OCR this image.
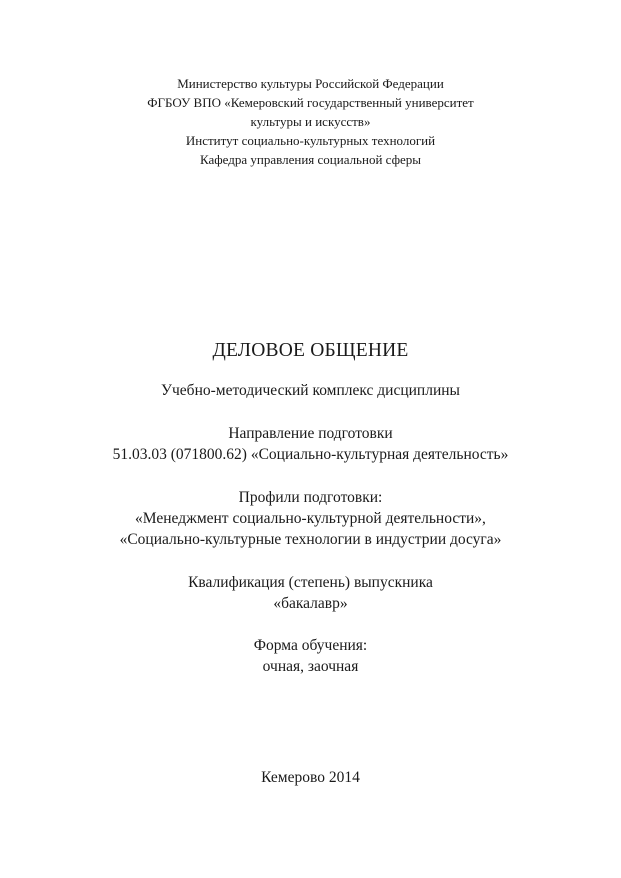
Министерство культуры Российской Федерации
ФГБОУ ВПО «Кемеровский государственный университет
культуры и искусств»
Институт социально-культурных технологий
Кафедра управления социальной сферы
ДЕЛОВОЕ ОБЩЕНИЕ
Учебно-методический комплекс дисциплины
Направление подготовки
51.03.03 (071800.62) «Социально-культурная деятельность»
Профили подготовки:
«Менеджмент социально-культурной деятельности»,
«Социально-культурные технологии в индустрии досуга»
Квалификация (степень) выпускника
«бакалавр»
Форма обучения:
очная, заочная
Кемерово 2014
